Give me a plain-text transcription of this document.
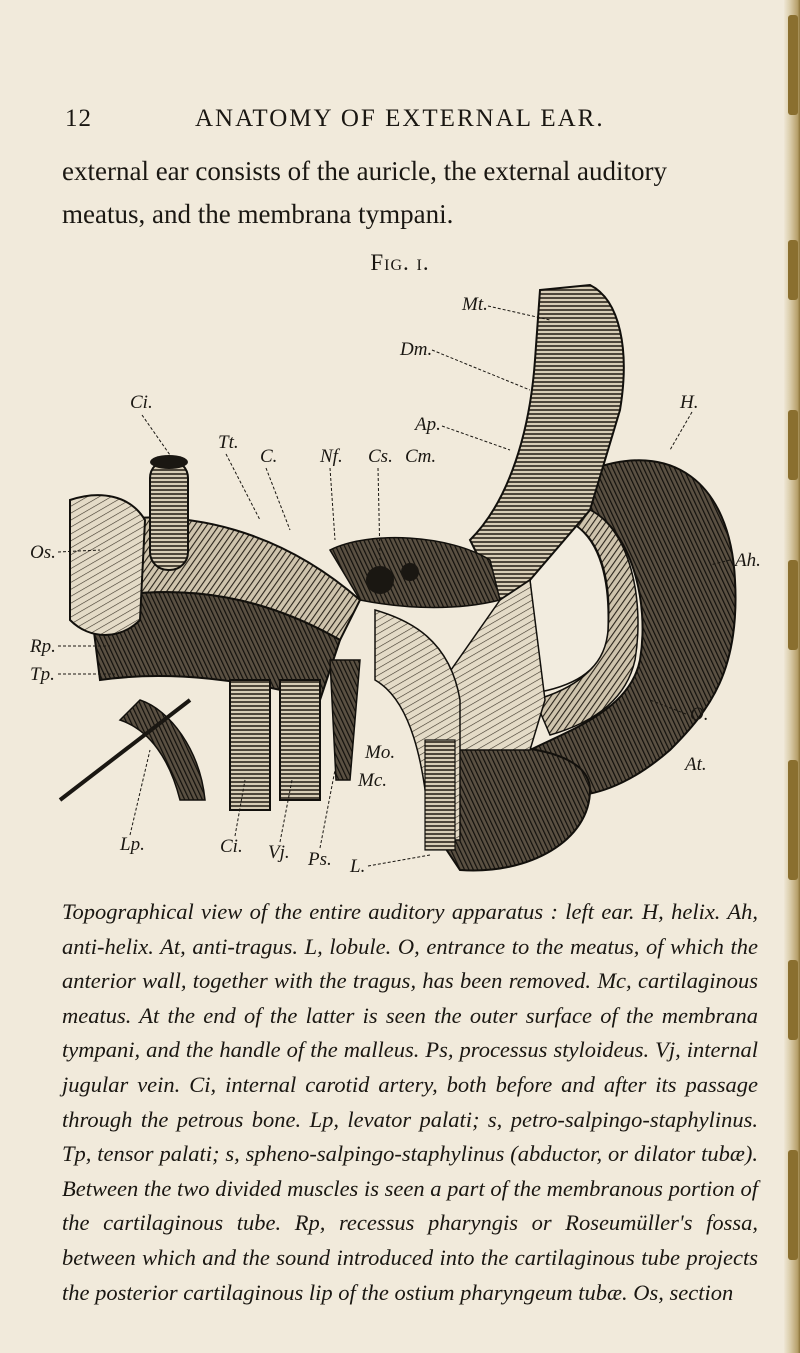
12	ANATOMY OF EXTERNAL EAR.

external ear consists of the auricle, the external auditory meatus, and the membrana tympani.

Fig. i.
Mt.
Dm.
Ci.
Tt.
C. Nf. Cs. Cm.
Ap.
H.
Os.	Ah.
Rp.
Tp.
O.
Mo.
Mc.
At.
Lp.	Ci. Vj. Ps. L.

Topographical view of the entire auditory apparatus : left ear. H, helix. Ah, anti-helix. At, anti-tragus. L, lobule. O, entrance to the meatus, of which the anterior wall, together with the tragus, has been removed. Mc, cartilaginous meatus. At the end of the latter is seen the outer surface of the membrana tympani, and the handle of the malleus. Ps, processus styloideus. Vj, internal jugular vein. Ci, internal carotid artery, both before and after its passage through the petrous bone. Lp, levator palati; s, petro-salpingo-staphylinus. Tp, tensor palati; s, spheno-salpingo-staphylinus (abductor, or dilator tubæ). Between the two divided muscles is seen a part of the membranous portion of the cartilaginous tube. Rp, recessus pharyngis or Roseumüller's fossa, between which and the sound introduced into the cartilaginous tube projects the posterior cartilaginous lip of the ostium pharyngeum tubæ. Os, section
